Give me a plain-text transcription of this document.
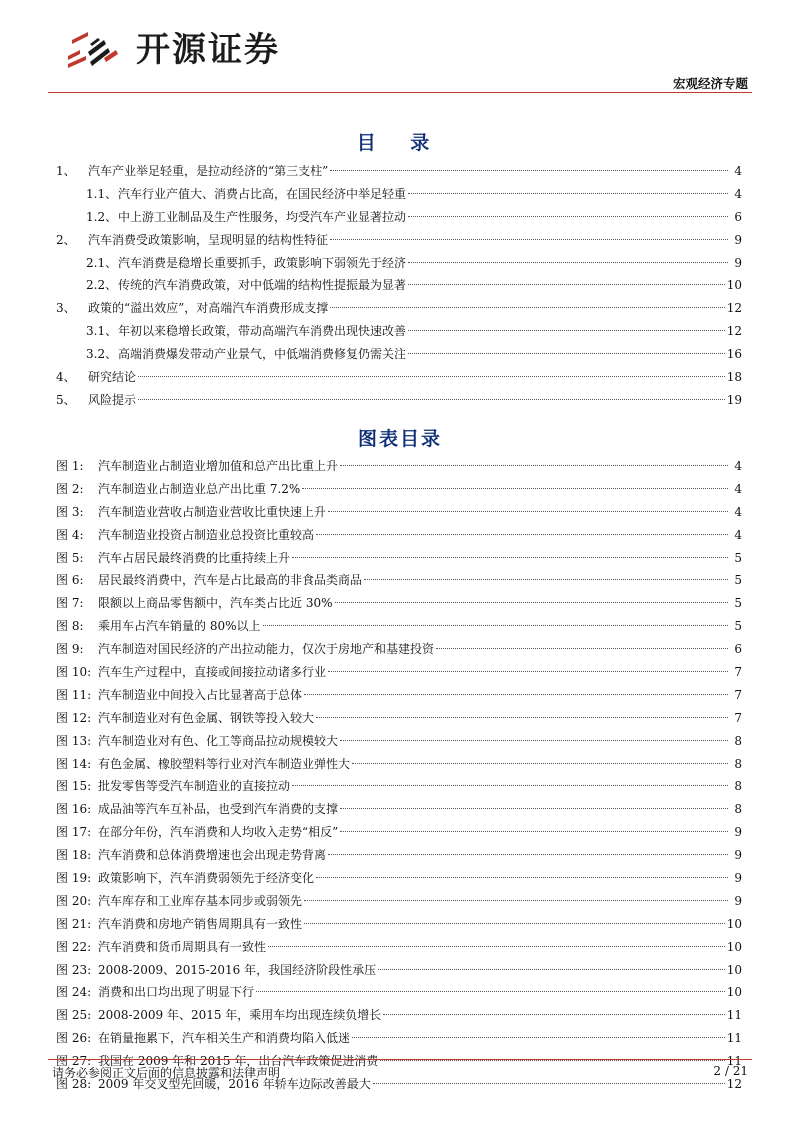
开源证券
宏观经济专题
目 录
1、	汽车产业举足轻重，是拉动经济的“第三支柱”	4
1.1、 汽车行业产值大、消费占比高，在国民经济中举足轻重	4
1.2、 中上游工业制品及生产性服务，均受汽车产业显著拉动	6
2、	汽车消费受政策影响，呈现明显的结构性特征	9
2.1、 汽车消费是稳增长重要抓手，政策影响下弱领先于经济	9
2.2、 传统的汽车消费政策，对中低端的结构性提振最为显著	10
3、	政策的“溢出效应”，对高端汽车消费形成支撑	12
3.1、 年初以来稳增长政策，带动高端汽车消费出现快速改善	12
3.2、 高端消费爆发带动产业景气，中低端消费修复仍需关注	16
4、	研究结论	18
5、	风险提示	19
图表目录
图 1:	汽车制造业占制造业增加值和总产出比重上升	4
图 2:	汽车制造业占制造业总产出比重 7.2%	4
图 3:	汽车制造业营收占制造业营收比重快速上升	4
图 4:	汽车制造业投资占制造业总投资比重较高	4
图 5:	汽车占居民最终消费的比重持续上升	5
图 6:	居民最终消费中，汽车是占比最高的非食品类商品	5
图 7:	限额以上商品零售额中，汽车类占比近 30%	5
图 8:	乘用车占汽车销量的 80%以上	5
图 9:	汽车制造对国民经济的产出拉动能力，仅次于房地产和基建投资	6
图 10: 汽车生产过程中，直接或间接拉动诸多行业	7
图 11: 汽车制造业中间投入占比显著高于总体	7
图 12: 汽车制造业对有色金属、钢铁等投入较大	7
图 13: 汽车制造业对有色、化工等商品拉动规模较大	8
图 14: 有色金属、橡胶塑料等行业对汽车制造业弹性大	8
图 15: 批发零售等受汽车制造业的直接拉动	8
图 16: 成品油等汽车互补品，也受到汽车消费的支撑	8
图 17: 在部分年份，汽车消费和人均收入走势“相反”	9
图 18: 汽车消费和总体消费增速也会出现走势背离	9
图 19: 政策影响下，汽车消费弱领先于经济变化	9
图 20: 汽车库存和工业库存基本同步或弱领先	9
图 21: 汽车消费和房地产销售周期具有一致性	10
图 22: 汽车消费和货币周期具有一致性	10
图 23: 2008-2009、2015-2016 年，我国经济阶段性承压	10
图 24: 消费和出口均出现了明显下行	10
图 25: 2008-2009 年、2015 年，乘用车均出现连续负增长	11
图 26: 在销量拖累下，汽车相关生产和消费均陷入低迷	11
图 27: 我国在 2009 年和 2015 年，出台汽车政策促进消费	11
图 28: 2009 年交叉型先回暖，2016 年轿车边际改善最大	12
请务必参阅正文后面的信息披露和法律声明	2 / 21
